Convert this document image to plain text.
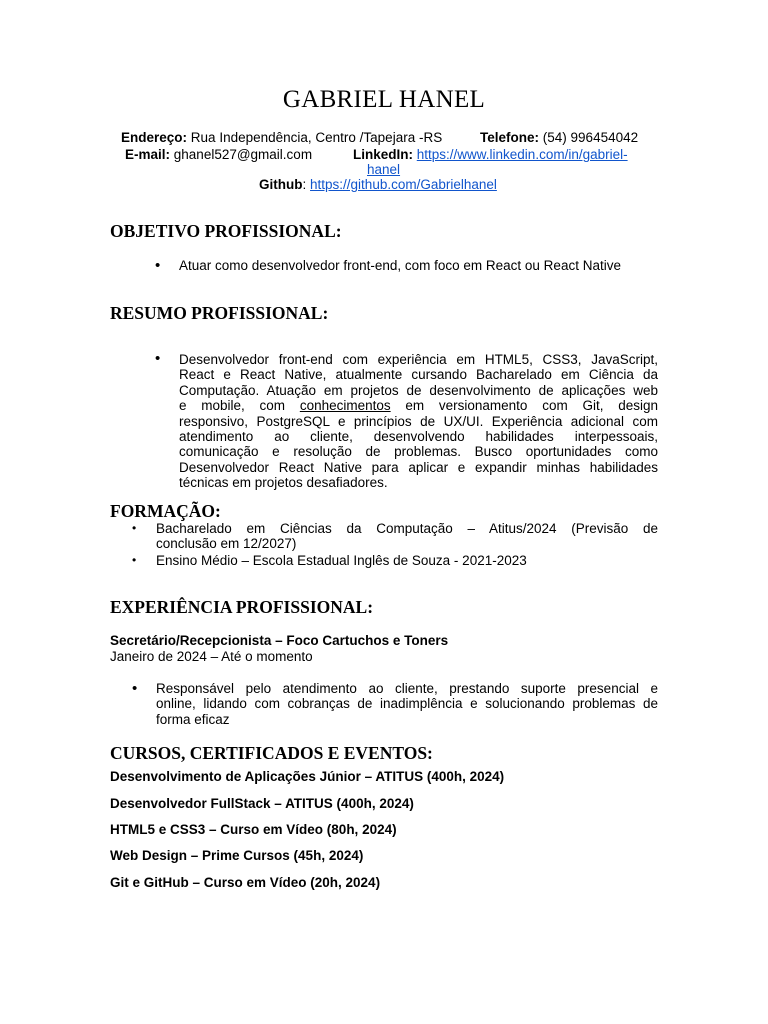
GABRIEL HANEL
Endereço: Rua Independência, Centro /Tapejara -RS	Telefone: (54) 996454042
E-mail: ghanel527@gmail.com	LinkedIn: https://www.linkedin.com/in/gabriel-
hanel
Github: https://github.com/Gabrielhanel
OBJETIVO PROFISSIONAL:
• Atuar como desenvolvedor front-end, com foco em React ou React Native
RESUMO PROFISSIONAL:
• Desenvolvedor front-end com experiência em HTML5, CSS3, JavaScript,
React e React Native, atualmente cursando Bacharelado em Ciência da
Computação. Atuação em projetos de desenvolvimento de aplicações web
e mobile, com conhecimentos em versionamento com Git, design
responsivo, PostgreSQL e princípios de UX/UI. Experiência adicional com
atendimento ao cliente, desenvolvendo habilidades interpessoais,
comunicação e resolução de problemas. Busco oportunidades como
Desenvolvedor React Native para aplicar e expandir minhas habilidades
técnicas em projetos desafiadores.
FORMAÇÃO:
• Bacharelado em Ciências da Computação – Atitus/2024 (Previsão de
conclusão em 12/2027)
• Ensino Médio – Escola Estadual Inglês de Souza - 2021-2023
EXPERIÊNCIA PROFISSIONAL:
Secretário/Recepcionista – Foco Cartuchos e Toners
Janeiro de 2024 – Até o momento
• Responsável pelo atendimento ao cliente, prestando suporte presencial e
online, lidando com cobranças de inadimplência e solucionando problemas de
forma eficaz
CURSOS, CERTIFICADOS E EVENTOS:
Desenvolvimento de Aplicações Júnior – ATITUS (400h, 2024)
Desenvolvedor FullStack – ATITUS (400h, 2024)
HTML5 e CSS3 – Curso em Vídeo (80h, 2024)
Web Design – Prime Cursos (45h, 2024)
Git e GitHub – Curso em Vídeo (20h, 2024)
